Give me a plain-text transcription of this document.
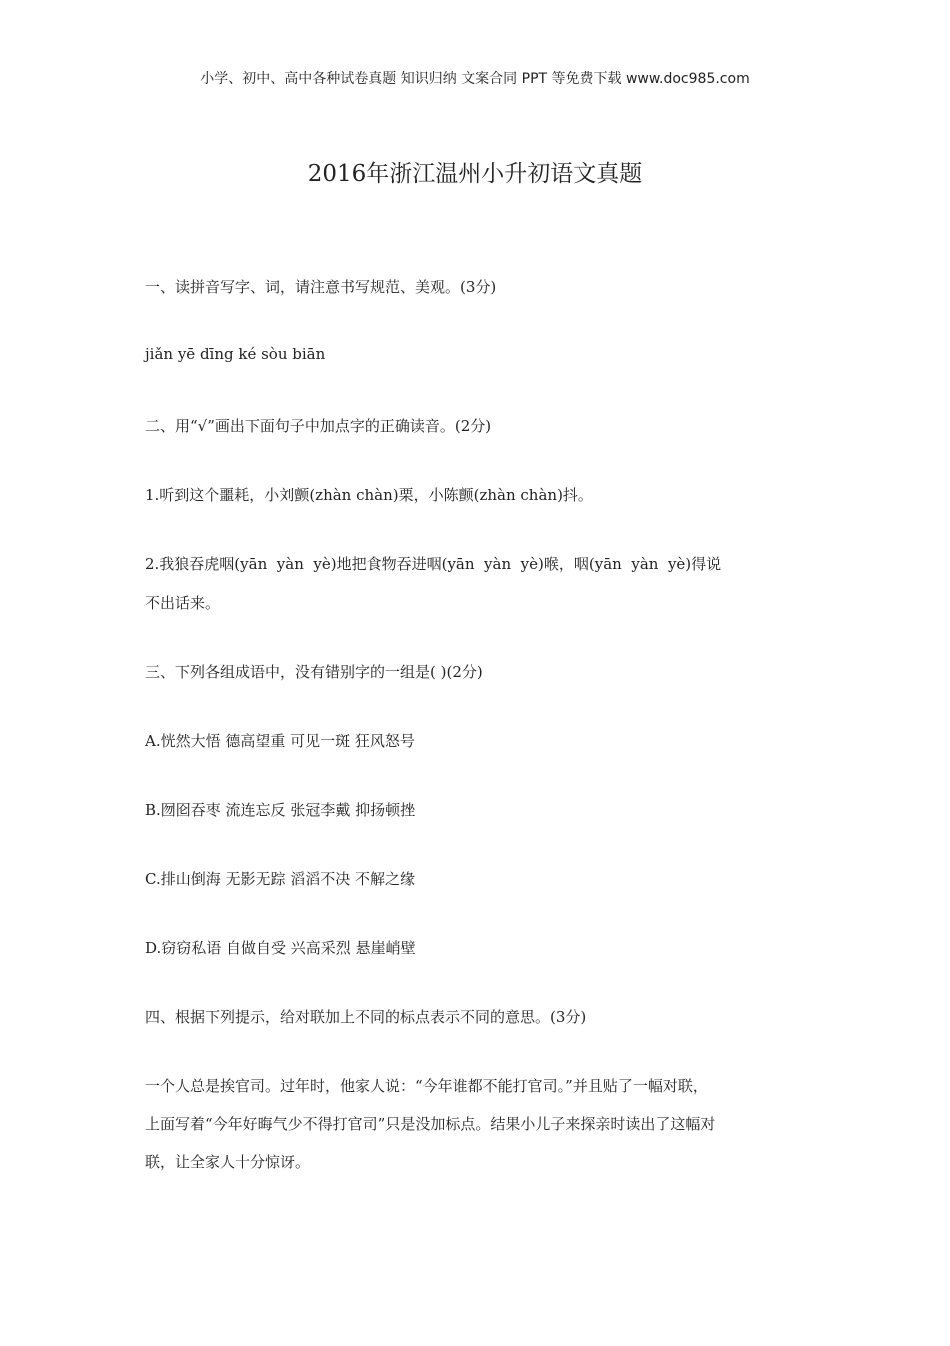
小学、初中、高中各种试卷真题 知识归纳 文案合同 PPT 等免费下载 www.doc985.com
2016年浙江温州小升初语文真题
一、读拼音写字、词，请注意书写规范、美观。(3分)
jiǎn yē dīng ké sòu biān
二、用“√”画出下面句子中加点字的正确读音。(2分)
1.听到这个噩耗，小刘颤(zhàn chàn)栗，小陈颤(zhàn chàn)抖。
2.我狼吞虎咽(yān  yàn  yè)地把食物吞进咽(yān  yàn  yè)喉，咽(yān  yàn  yè)得说
不出话来。
三、下列各组成语中，没有错别字的一组是( )(2分)
A.恍然大悟 德高望重 可见一斑 狂风怒号
B.囫囵吞枣 流连忘反 张冠李戴 抑扬顿挫
C.排山倒海 无影无踪 滔滔不决 不解之缘
D.窃窃私语 自做自受 兴高采烈 悬崖峭壁
四、根据下列提示，给对联加上不同的标点表示不同的意思。(3分)
一个人总是挨官司。过年时，他家人说：“今年谁都不能打官司。”并且贴了一幅对联，
上面写着“今年好晦气少不得打官司”只是没加标点。结果小儿子来探亲时读出了这幅对
联，让全家人十分惊讶。
